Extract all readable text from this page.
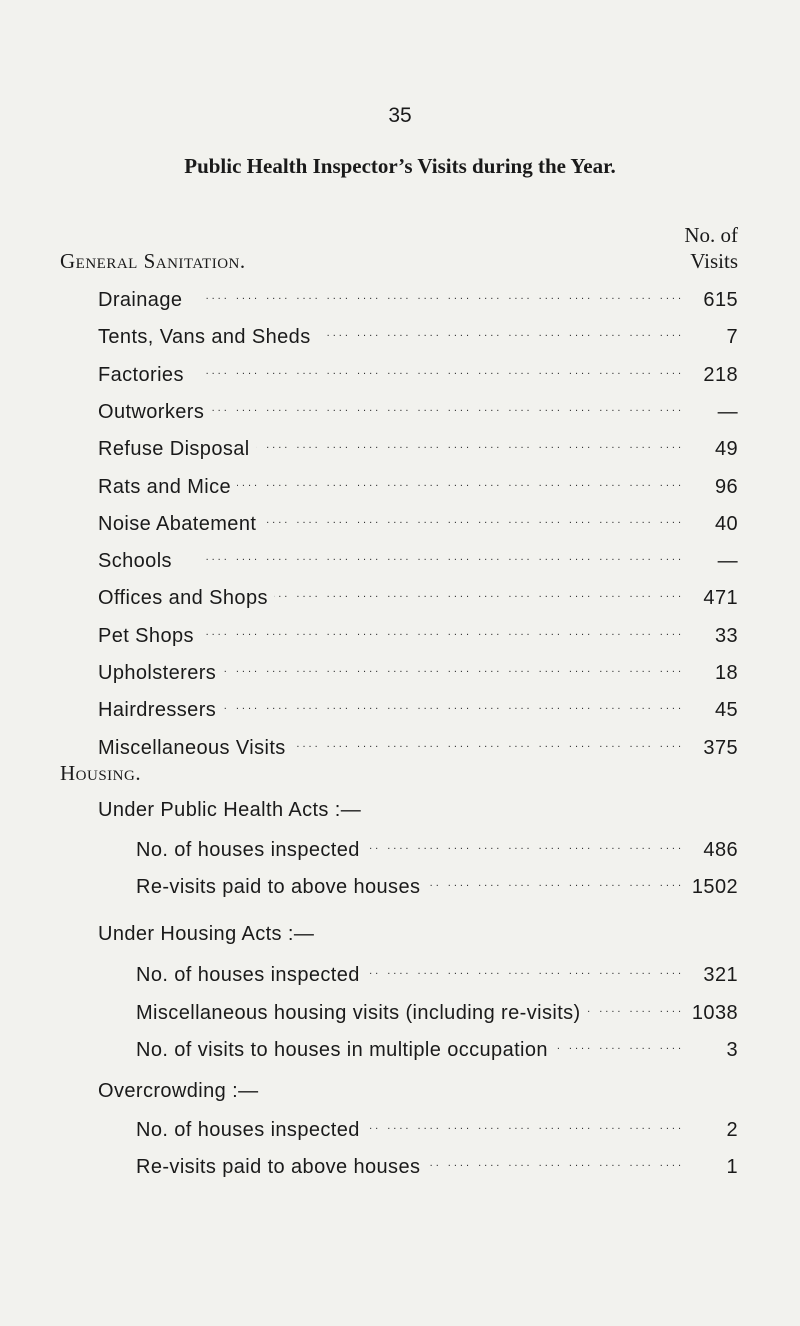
35
Public Health Inspector’s Visits during the Year.
No. of
Visits
General Sanitation.
Drainage ....	615
Tents, Vans and Sheds ....	7
Factories ....	218
Outworkers ....	—
Refuse Disposal ....	49
Rats and Mice ....	96
Noise Abatement ....	40
Schools ....	—
Offices and Shops ....	471
Pet Shops ....	33
Upholsterers ....	18
Hairdressers ....	45
Miscellaneous Visits ....	375
Housing.
Under Public Health Acts :—
No. of houses inspected ....	486
Re-visits paid to above houses ....	1502
Under Housing Acts :—
No. of houses inspected ....	321
Miscellaneous housing visits (including re-visits) ....	1038
No. of visits to houses in multiple occupation ....	3
Overcrowding :—
No. of houses inspected ....	2
Re-visits paid to above houses ....	1
